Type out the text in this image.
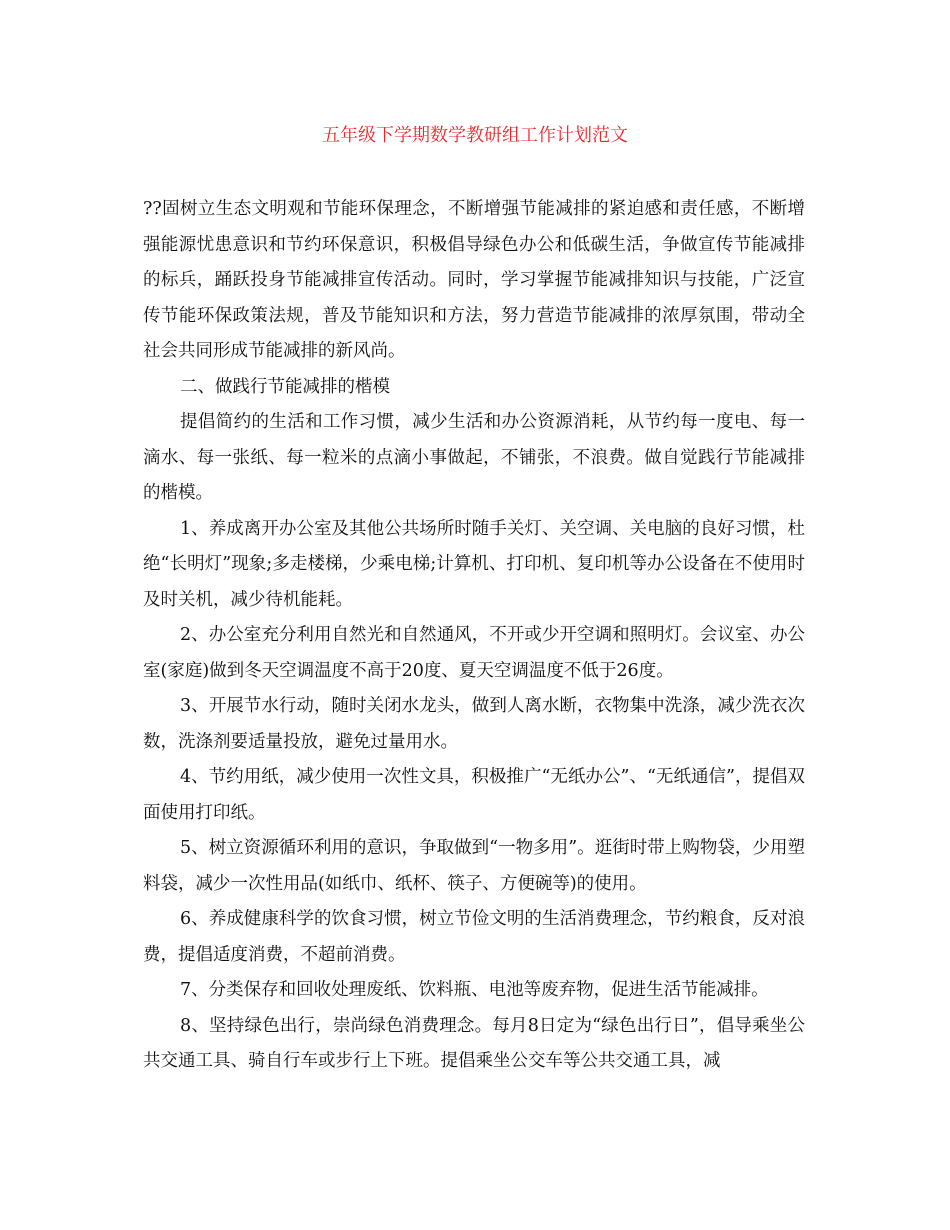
五年级下学期数学教研组工作计划范文

??固树立生态文明观和节能环保理念，不断增强节能减排的紧迫感和责任感，不断增强能源忧患意识和节约环保意识，积极倡导绿色办公和低碳生活，争做宣传节能减排的标兵，踊跃投身节能减排宣传活动。同时，学习掌握节能减排知识与技能，广泛宣传节能环保政策法规，普及节能知识和方法，努力营造节能减排的浓厚氛围，带动全社会共同形成节能减排的新风尚。

二、做践行节能减排的楷模

提倡简约的生活和工作习惯，减少生活和办公资源消耗，从节约每一度电、每一滴水、每一张纸、每一粒米的点滴小事做起，不铺张，不浪费。做自觉践行节能减排的楷模。

1、养成离开办公室及其他公共场所时随手关灯、关空调、关电脑的良好习惯，杜绝“长明灯”现象;多走楼梯，少乘电梯;计算机、打印机、复印机等办公设备在不使用时及时关机，减少待机能耗。

2、办公室充分利用自然光和自然通风，不开或少开空调和照明灯。会议室、办公室(家庭)做到冬天空调温度不高于20度、夏天空调温度不低于26度。

3、开展节水行动，随时关闭水龙头，做到人离水断，衣物集中洗涤，减少洗衣次数，洗涤剂要适量投放，避免过量用水。

4、节约用纸，减少使用一次性文具，积极推广“无纸办公”、“无纸通信”，提倡双面使用打印纸。

5、树立资源循环利用的意识，争取做到“一物多用”。逛街时带上购物袋，少用塑料袋，减少一次性用品(如纸巾、纸杯、筷子、方便碗等)的使用。

6、养成健康科学的饮食习惯，树立节俭文明的生活消费理念，节约粮食，反对浪费，提倡适度消费，不超前消费。

7、分类保存和回收处理废纸、饮料瓶、电池等废弃物，促进生活节能减排。

8、坚持绿色出行，崇尚绿色消费理念。每月8日定为“绿色出行日”，倡导乘坐公共交通工具、骑自行车或步行上下班。提倡乘坐公交车等公共交通工具，减
